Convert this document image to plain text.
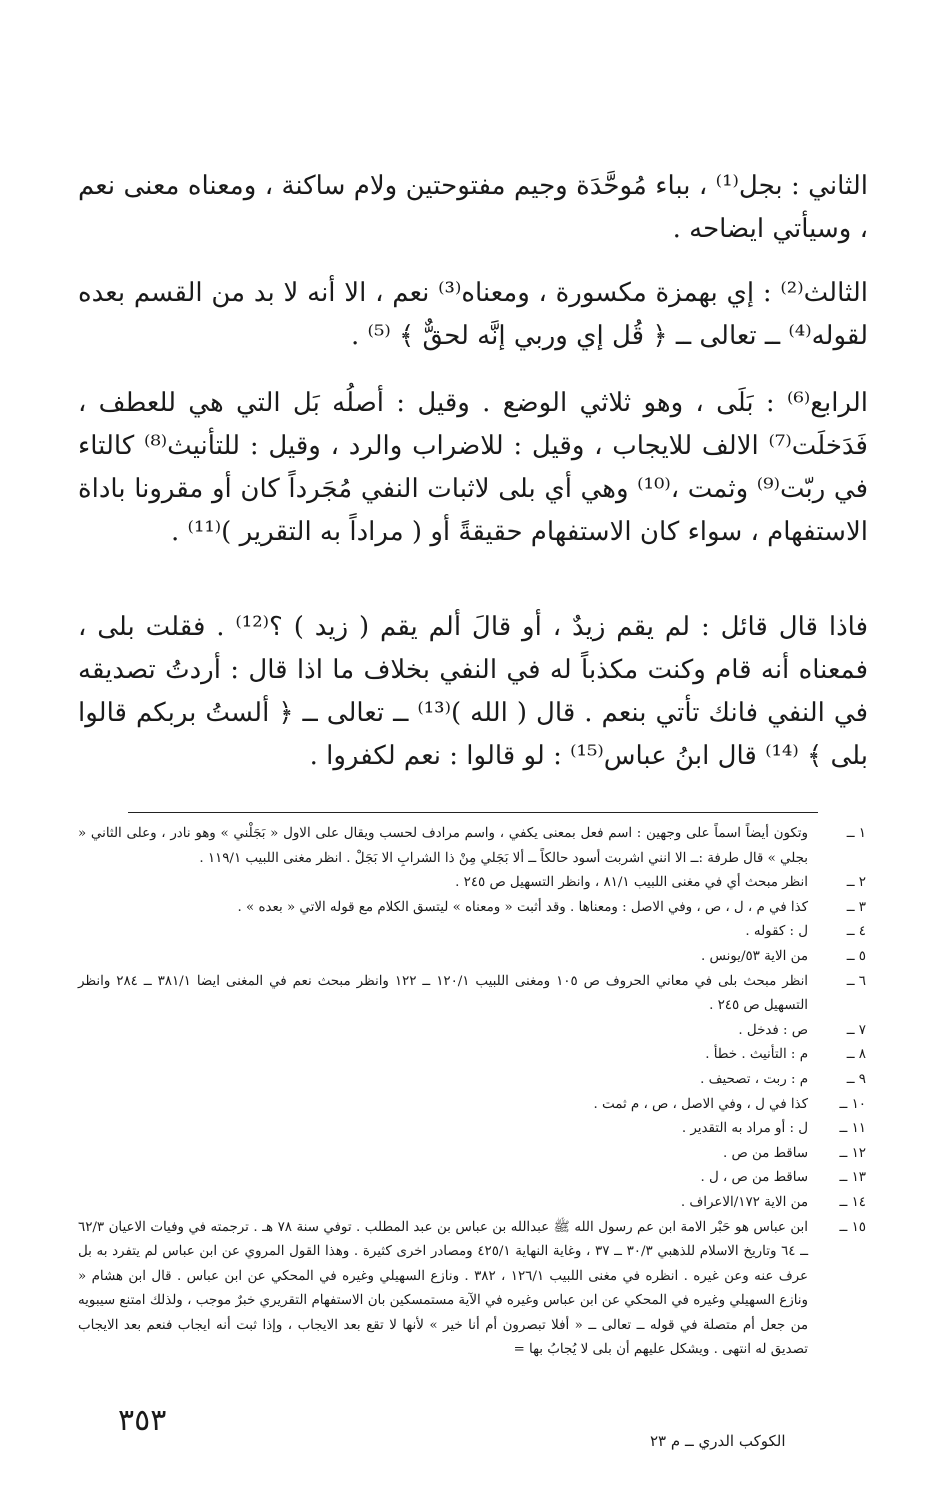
الثاني : بجل⁽¹⁾ ، بباء مُوحَّدَة وجيم مفتوحتين ولام ساكنة ، ومعناه معنى نعم ، وسيأتي ايضاحه .

الثالث⁽²⁾ : إي بهمزة مكسورة ، ومعناه⁽³⁾ نعم ، الا أنه لا بد من القسم بعده لقوله⁽⁴⁾ ــ تعالى ــ ﴿ قُل إي وربي إنَّه لحقٌّ ﴾ ⁽⁵⁾ .

الرابع⁽⁶⁾ : بَلَى ، وهو ثلاثي الوضع . وقيل : أصلُه بَل التي هي للعطف ، فَدَخلَت⁽⁷⁾ الالف للايجاب ، وقيل : للاضراب والرد ، وقيل : للتأنيث⁽⁸⁾ كالتاء في ربّت⁽⁹⁾ وثمت ،⁽¹⁰⁾ وهي أي بلى لاثبات النفي مُجَرداً كان أو مقرونا باداة الاستفهام ، سواء كان الاستفهام حقيقةً أو ( مراداً به التقرير )⁽¹¹⁾ .

فاذا قال قائل : لم يقم زيدٌ ، أو قالَ ألم يقم ( زيد ) ؟⁽¹²⁾ . فقلت بلى ، فمعناه أنه قام وكنت مكذباً له في النفي بخلاف ما اذا قال : أردتُ تصديقه في النفي فانك تأتي بنعم . قال ( الله )⁽¹³⁾ ــ تعالى ــ ﴿ ألستُ بربكم قالوا بلى ﴾ ⁽¹⁴⁾ قال ابنُ عباس⁽¹⁵⁾ : لو قالوا : نعم لكفروا .

١ ــ
وتكون أيضاً اسماً على وجهين : اسم فعل بمعنى يكفي ، واسم مرادف لحسب ويقال على الاول « بَجَلْني » وهو نادر ، وعلى الثاني « بجلي » قال طرفة :ــ الا انني اشربت أسود حالكاً ــ ألا بَجَلي مِنْ ذا الشرابِ الا بَجَلْ . انظر مغنى اللبيب ١١٩/١ .
٢ ــ
انظر مبحث أي في مغنى اللبيب ٨١/١ ، وانظر التسهيل ص ٢٤٥ .
٣ ــ
كذا في م ، ل ، ص ، وفي الاصل : ومعناها . وقد أثبت « ومعناه » ليتسق الكلام مع قوله الاتي « بعده » .
٤ ــ
ل : كقوله .
٥ ــ
من الاية ٥٣/يونس .
٦ ــ
انظر مبحث بلى في معاني الحروف ص ١٠٥ ومغنى اللبيب ١٢٠/١ ــ ١٢٢ وانظر مبحث نعم في المغنى ايضا ٣٨١/١ ــ ٢٨٤ وانظر التسهيل ص ٢٤٥ .
٧ ــ
ص : فدخل .
٨ ــ
م : التأنيث . خطأ .
٩ ــ
م : ربت ، تصحيف .
١٠ ــ
كذا في ل ، وفي الاصل ، ص ، م ثمت .
١١ ــ
ل : أو مراد به التقدير .
١٢ ــ
ساقط من ص .
١٣ ــ
ساقط من ص ، ل .
١٤ ــ
من الاية ١٧٢/الاعراف .
١٥ ــ
ابن عباس هو حَبْر الامة ابن عم رسول الله ﷺ عبدالله بن عباس بن عبد المطلب . توفي سنة ٧٨ هـ . ترجمته في وفيات الاعيان ٦٢/٣ ــ ٦٤ وتاريخ الاسلام للذهبي ٣٠/٣ ــ ٣٧ ، وغاية النهاية ٤٢٥/١ ومصادر اخرى كثيرة . وهذا القول المروي عن ابن عباس لم يتفرد به بل عرف عنه وعن غيره . انظره في مغنى اللبيب ١٢٦/١ ، ٣٨٢ . ونازع السهيلي وغيره في المحكي عن ابن عباس . قال ابن هشام « ونازع السهيلي وغيره في المحكي عن ابن عباس وغيره في الآية مستمسكين بان الاستفهام التقريري خبرٌ موجب ، ولذلك امتنع سيبويه من جعل أم متصلة في قوله ــ تعالى ــ « أفلا تبصرون أم أنا خير » لأنها لا تقع بعد الايجاب ، وإذا ثبت أنه ايجاب فنعم بعد الايجاب تصديق له انتهى . ويشكل عليهم أن بلى لا يُجابُ بها =
٣٥٣
الكوكب الدري ــ م ٢٣
